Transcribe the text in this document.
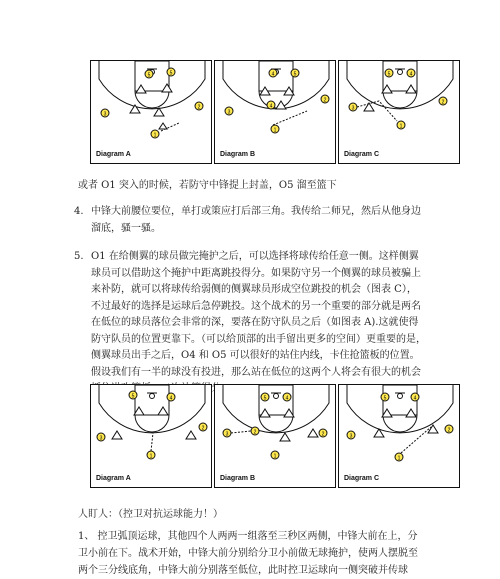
5	5
3
2
1
Diagram A
4	5
3
4
2
1
Diagram B
5	4
3
2
1
Diagram C
或者 O1 突入的时候，若防守中锋提上封盖，O5 溜至篮下
4. 中锋大前腰位要位，单打或策应打后部三角。我传给二师兄，然后从他身边
溜底，骚一骚。
5. O1 在给侧翼的球员做完掩护之后，可以选择将球传给任意一侧。这样侧翼
球员可以借助这个掩护中距离跳投得分。如果防守另一个侧翼的球员被骗上
来补防，就可以将球传给弱侧的侧翼球员形成空位跳投的机会（图表 C），
不过最好的选择是运球后急停跳投。这个战术的另一个重要的部分就是两名
在低位的球员落位会非常的深，要落在防守队员之后（如图表 A).这就使得
防守队员的位置更靠下。（可以给顶部的出手留出更多的空间）更重要的是，
侧翼球员出手之后，O4 和 O5 可以很好的站住内线，卡住抢篮板的位置。
假设我们有一半的球没有投进，那么站在低位的这两个人将会有很大的机会
5	4
3
2
1
Diagram A
5	4
3	2	2
1
Diagram B
5	4
3
2
1
Diagram C
人盯人：（控卫对抗运球能力！）
1、 控卫弧顶运球，其他四个人两两一组落至三秒区两侧，中锋大前在上，分
卫小前在下。战术开始，中锋大前分别给分卫小前做无球掩护，使两人摆脱至
两个三分线底角，中锋大前分别落至低位，此时控卫运球向一侧突破并传球
